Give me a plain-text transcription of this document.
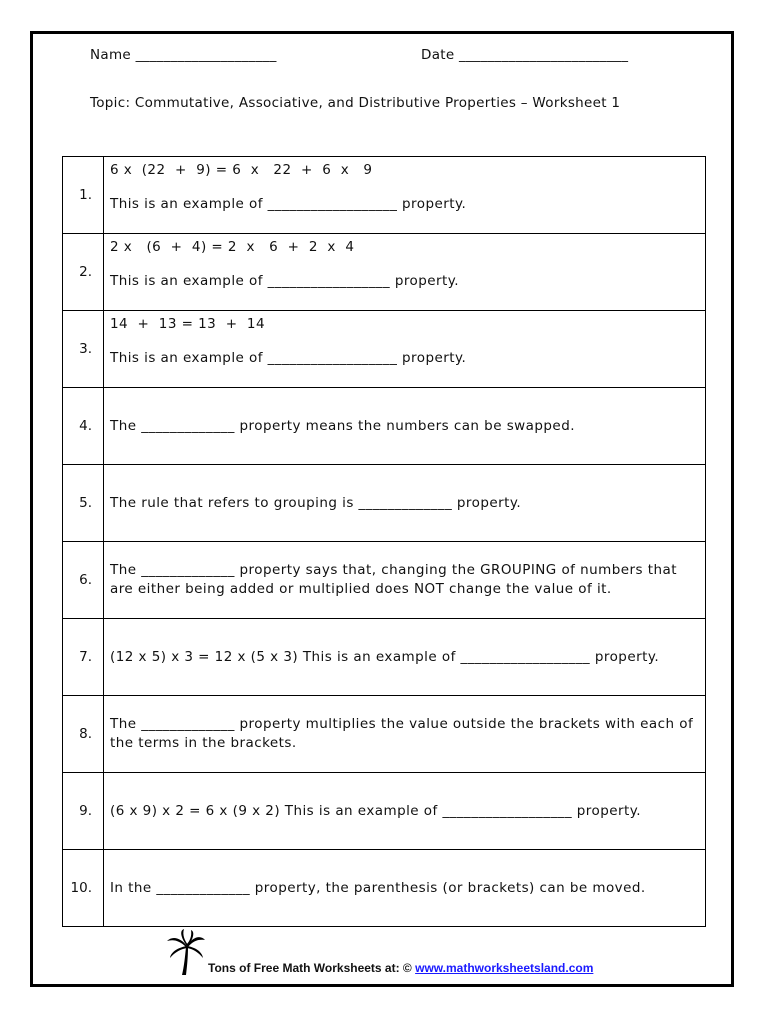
Name ____________________	Date ________________________
Topic: Commutative, Associative, and Distributive Properties – Worksheet 1
1.	6 x  (22  +  9) = 6  x   22  +  6  x   9
This is an example of __________________ property.

2.	2 x   (6  +  4) = 2  x   6  +  2  x  4
This is an example of _________________ property.

3.	14  +  13 = 13  +  14
This is an example of __________________ property.

4.	The _____________ property means the numbers can be swapped.

5.	The rule that refers to grouping is _____________ property.

6.	The _____________ property says that, changing the GROUPING of numbers that are either being added or multiplied does NOT change the value of it.

7.	(12 x 5) x 3 = 12 x (5 x 3) This is an example of __________________ property.

8.	The _____________ property multiplies the value outside the brackets with each of the terms in the brackets.

9.	(6 x 9) x 2 = 6 x (9 x 2) This is an example of __________________ property.

10.	In the _____________ property, the parenthesis (or brackets) can be moved.
Tons of Free Math Worksheets at: © www.mathworksheetsland.com
